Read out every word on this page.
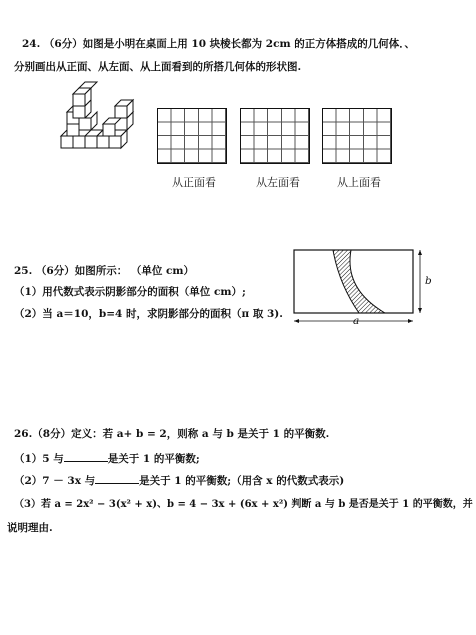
24. （6分）如图是小明在桌面上用 10 块棱长都为 2cm 的正方体搭成的几何体．、
分别画出从正面、从左面、从上面看到的所搭几何体的形状图.
从正面看	从左面看	从上面看
25. （6分）如图所示： （单位 cm）
（1）用代数式表示阴影部分的面积（单位 cm）;
（2）当 a＝10，b=4 时，求阴影部分的面积（π 取 3).
a
b
26.（8分）定义：若 a+ b = 2，则称 a 与 b 是关于 1 的平衡数.
（1）5 与	是关于 1 的平衡数;
（2）7 － 3x 与	是关于 1 的平衡数;（用含 x 的代数式表示)
（3）若 a = 2x² − 3(x² + x)、b = 4 − 3x + (6x + x²) 判断 a 与 b 是否是关于 1 的平衡数，并
说明理由.
